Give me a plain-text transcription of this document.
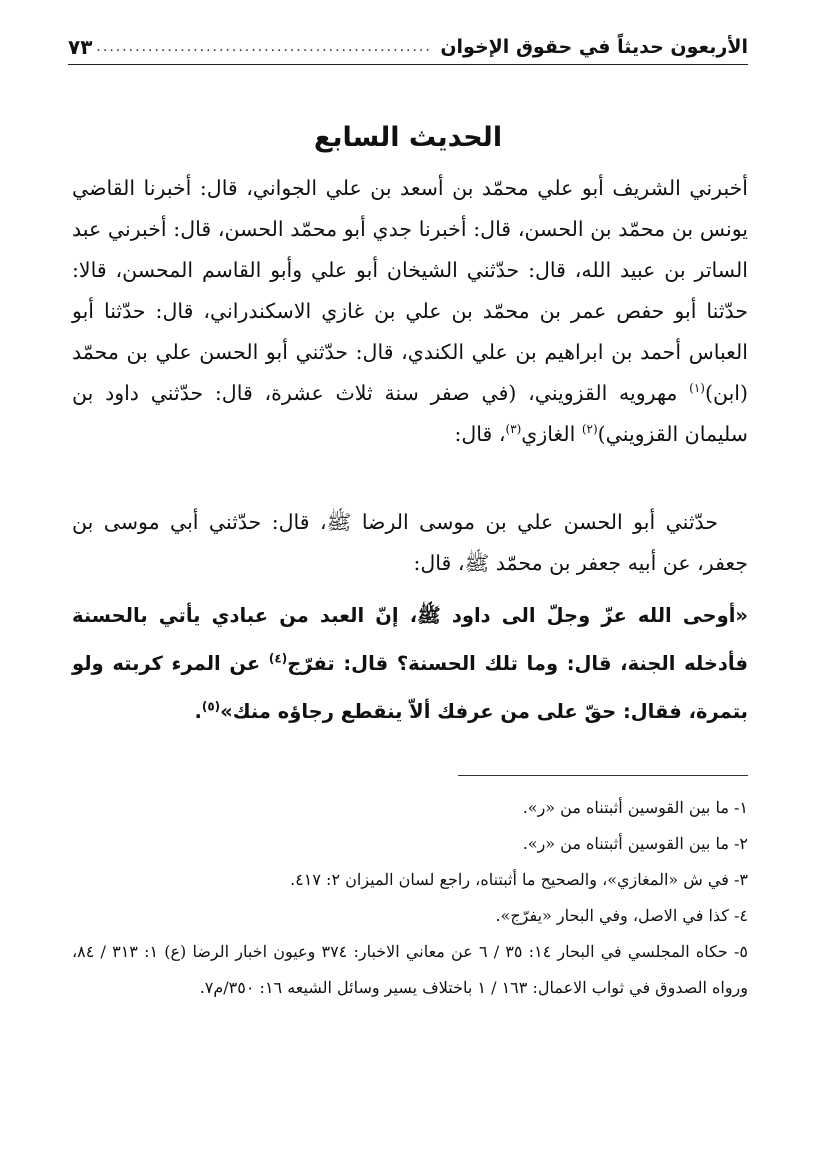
الأربعون حديثاً في حقوق الإخوان
....................................................
٧٣
الحديث السابع

أخبرني الشريف أبو علي محمّد بن أسعد بن علي الجواني، قال: أخبرنا القاضي يونس بن محمّد بن الحسن، قال: أخبرنا جدي أبو محمّد الحسن، قال: أخبرني عبد الساتر بن عبيد الله، قال: حدّثني الشيخان أبو علي وأبو القاسم المحسن، قالا: حدّثنا أبو حفص عمر بن محمّد بن علي بن غازي الاسكندراني، قال: حدّثنا أبو العباس أحمد بن ابراهيم بن علي الكندي، قال: حدّثني أبو الحسن علي بن محمّد (ابن)$^{(١)}$ مهرويه القزويني، (في صفر سنة ثلاث عشرة، قال: حدّثني داود بن سليمان القزويني)$^{(٢)}$ الغازي$^{(٣)}$، قال:

حدّثني أبو الحسن علي بن موسى الرضا ﷺ، قال: حدّثني أبي موسى بن جعفر، عن أبيه جعفر بن محمّد ﷺ، قال:

«أوحى الله عزّ وجلّ الى داود ﷺ، إنّ العبد من عبادي يأتي بالحسنة فأدخله الجنة، قال: وما تلك الحسنة؟ قال: تفرّج$^{(٤)}$ عن المرء كربته ولو بتمرة، فقال: حقّ على من عرفك ألاّ ينقطع رجاؤه منك»$^{(٥)}$.

١- ما بين القوسين أثبتناه من «ر».
٢- ما بين القوسين أثبتناه من «ر».
٣- في ش «المغازي»، والصحيح ما أثبتناه، راجع لسان الميزان ٢: ٤١٧.
٤- كذا في الاصل، وفي البحار «يفرّج».
٥- حكاه المجلسي في البحار ١٤: ٣٥ / ٦ عن معاني الاخبار: ٣٧٤ وعيون اخبار الرضا (ع) ١: ٣١٣ / ٨٤، ورواه الصدوق في ثواب الاعمال: ١٦٣ / ١ باختلاف يسير وسائل الشيعه ١٦: ٣٥٠/م٧.
